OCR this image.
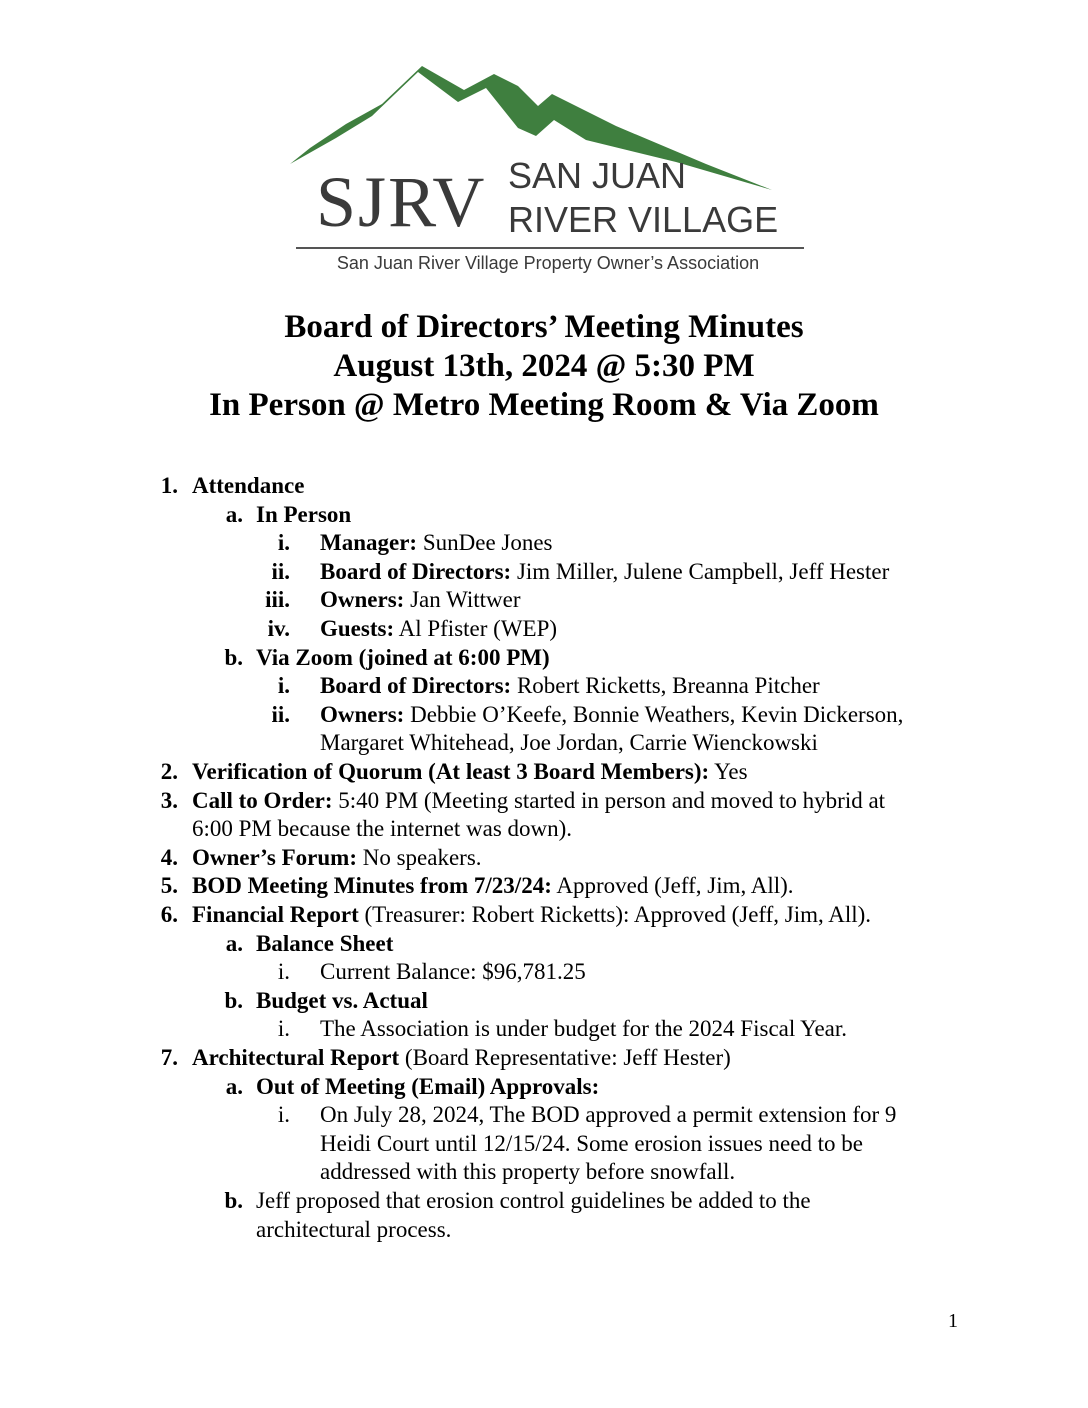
SJRV SAN JUAN
RIVER VILLAGE
San Juan River Village Property Owner’s Association
Board of Directors’ Meeting Minutes
August 13th, 2024 @ 5:30 PM
In Person @ Metro Meeting Room & Via Zoom
1. Attendance
a. In Person
i. Manager: SunDee Jones
ii. Board of Directors: Jim Miller, Julene Campbell, Jeff Hester
iii. Owners: Jan Wittwer
iv. Guests: Al Pfister (WEP)
b. Via Zoom (joined at 6:00 PM)
i. Board of Directors: Robert Ricketts, Breanna Pitcher
ii. Owners: Debbie O’Keefe, Bonnie Weathers, Kevin Dickerson,
Margaret Whitehead, Joe Jordan, Carrie Wienckowski
2. Verification of Quorum (At least 3 Board Members): Yes
3. Call to Order: 5:40 PM (Meeting started in person and moved to hybrid at
6:00 PM because the internet was down).
4. Owner’s Forum: No speakers.
5. BOD Meeting Minutes from 7/23/24: Approved (Jeff, Jim, All).
6. Financial Report (Treasurer: Robert Ricketts): Approved (Jeff, Jim, All).
a. Balance Sheet
i. Current Balance: $96,781.25
b. Budget vs. Actual
i. The Association is under budget for the 2024 Fiscal Year.
7. Architectural Report (Board Representative: Jeff Hester)
a. Out of Meeting (Email) Approvals:
i. On July 28, 2024, The BOD approved a permit extension for 9
Heidi Court until 12/15/24. Some erosion issues need to be
addressed with this property before snowfall.
b. Jeff proposed that erosion control guidelines be added to the
architectural process.
1
